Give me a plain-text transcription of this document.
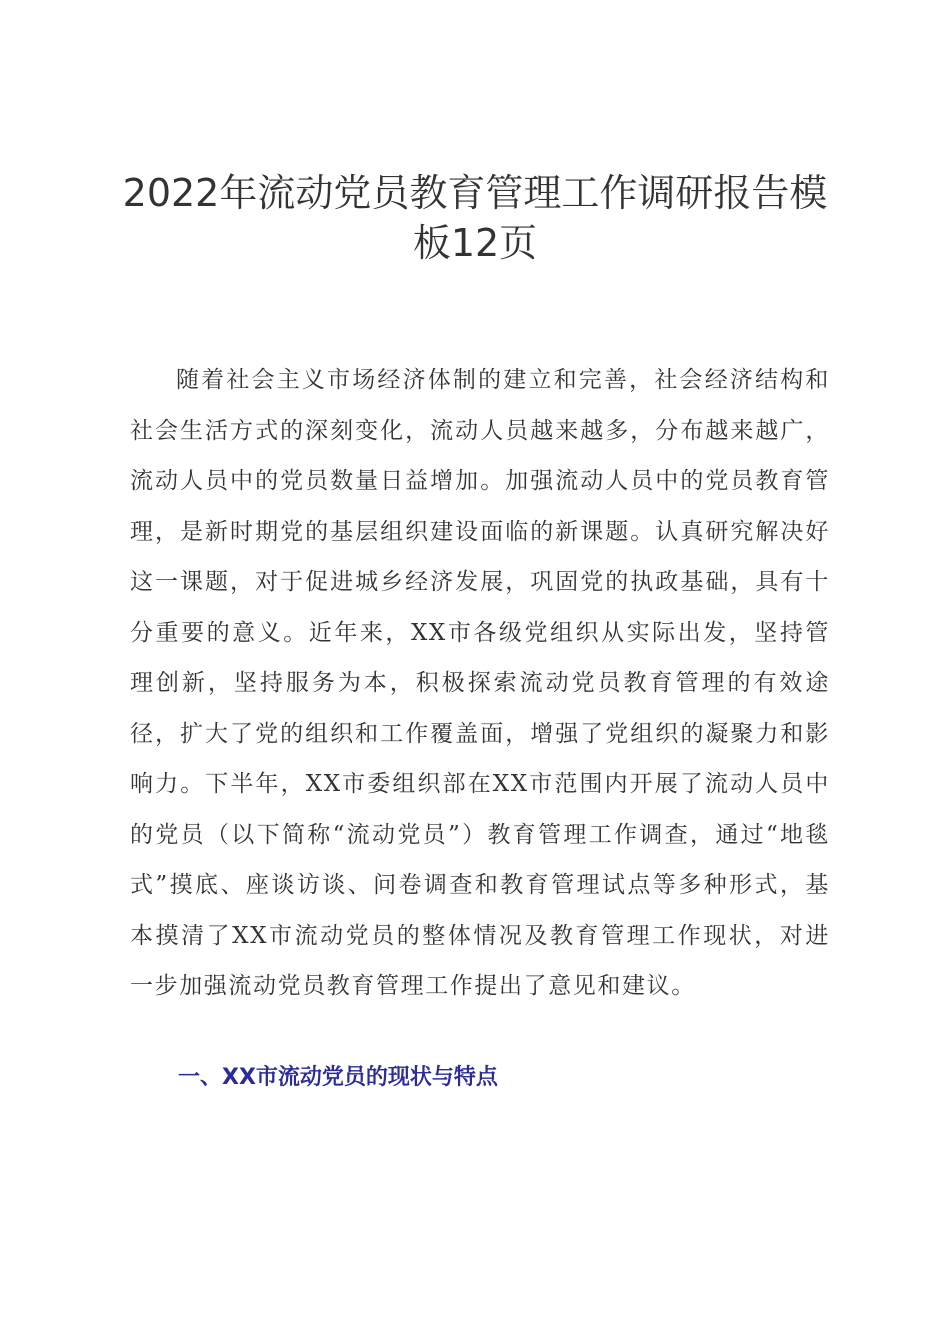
2022年流动党员教育管理工作调研报告模板12页

随着社会主义市场经济体制的建立和完善，社会经济结构和社会生活方式的深刻变化，流动人员越来越多，分布越来越广，流动人员中的党员数量日益增加。加强流动人员中的党员教育管理，是新时期党的基层组织建设面临的新课题。认真研究解决好这一课题，对于促进城乡经济发展，巩固党的执政基础，具有十分重要的意义。近年来，XX市各级党组织从实际出发，坚持管理创新，坚持服务为本，积极探索流动党员教育管理的有效途径，扩大了党的组织和工作覆盖面，增强了党组织的凝聚力和影响力。下半年，XX市委组织部在XX市范围内开展了流动人员中的党员（以下简称“流动党员”）教育管理工作调查，通过“地毯式”摸底、座谈访谈、问卷调查和教育管理试点等多种形式，基本摸清了XX市流动党员的整体情况及教育管理工作现状，对进一步加强流动党员教育管理工作提出了意见和建议。

一、XX市流动党员的现状与特点
